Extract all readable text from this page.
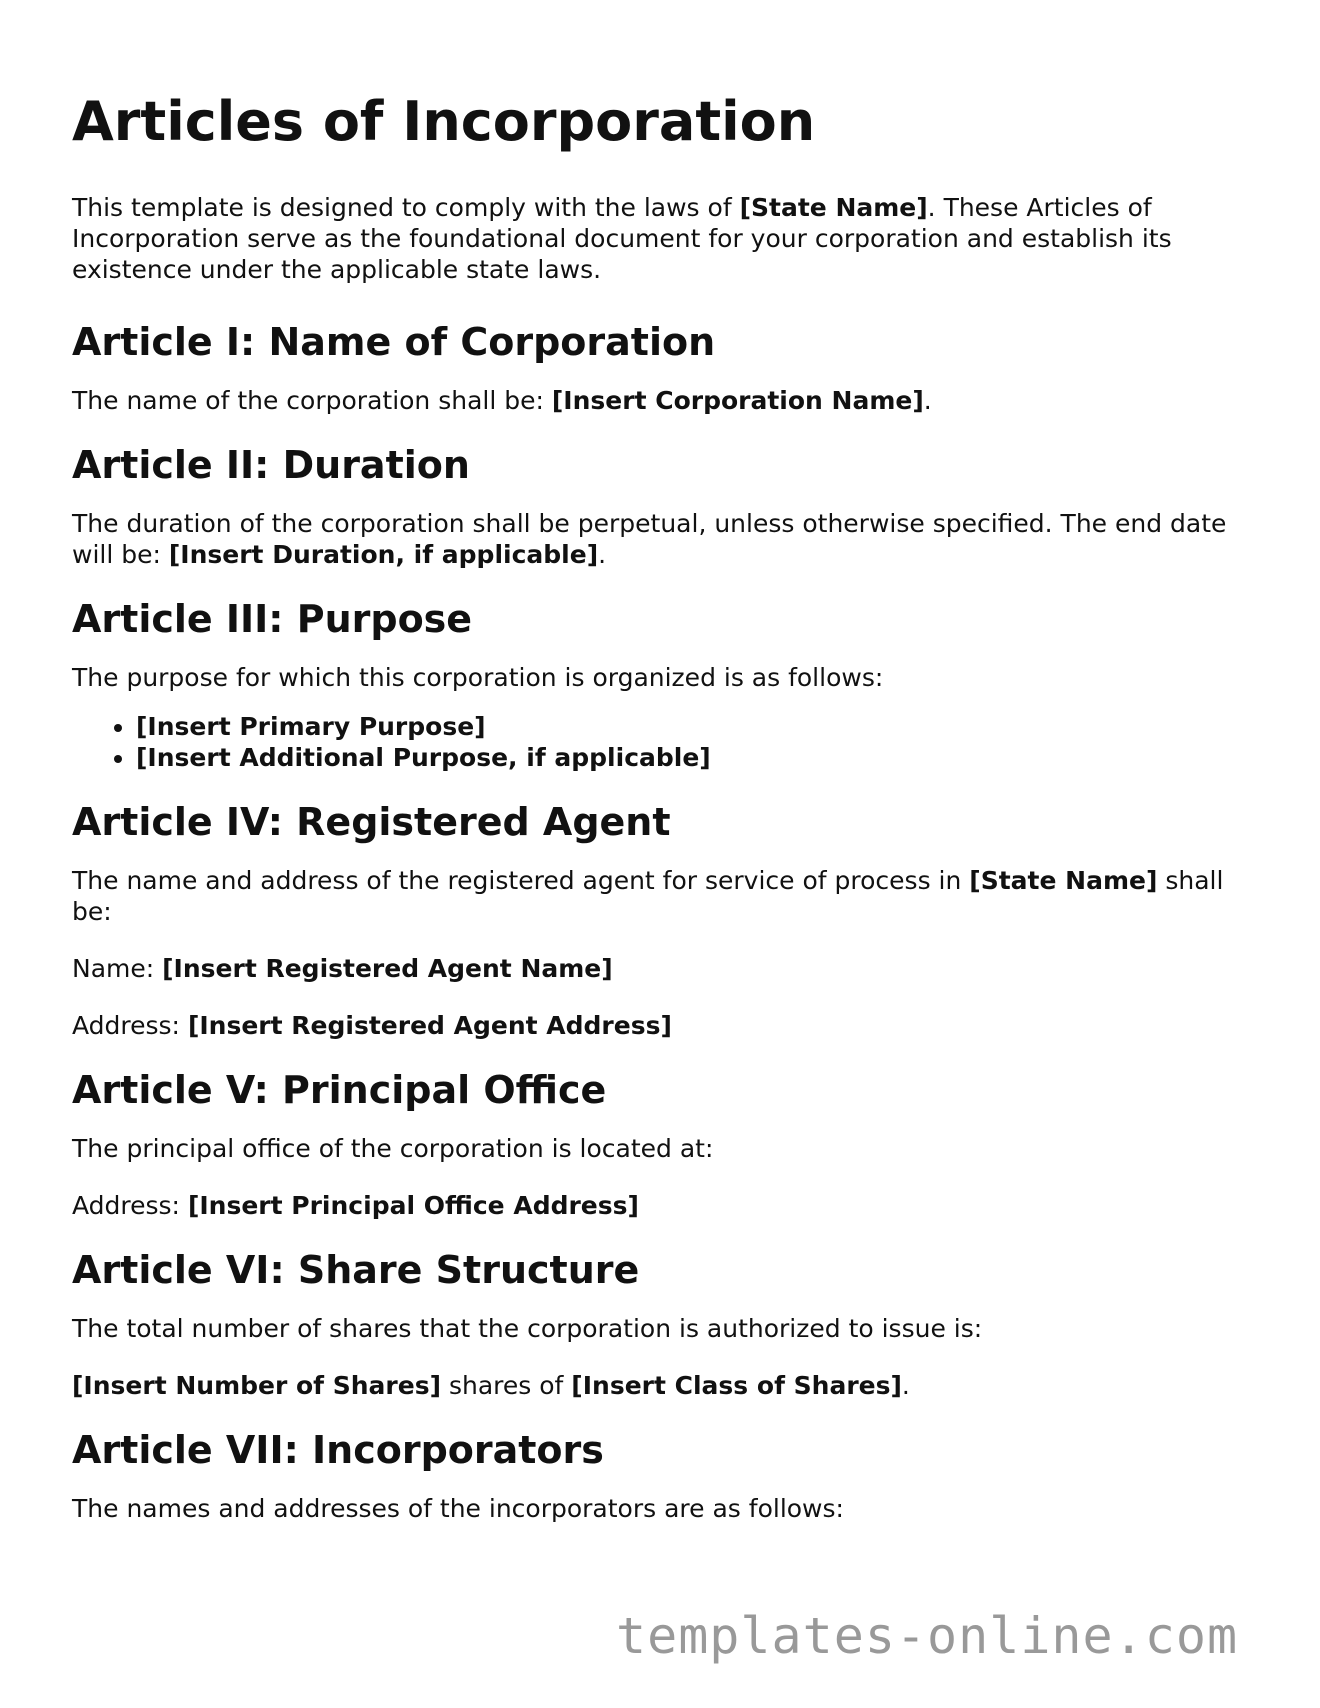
Articles of Incorporation

This template is designed to comply with the laws of [State Name]. These Articles of Incorporation serve as the foundational document for your corporation and establish its existence under the applicable state laws.

Article I: Name of Corporation

The name of the corporation shall be: [Insert Corporation Name].

Article II: Duration

The duration of the corporation shall be perpetual, unless otherwise specified. The end date will be: [Insert Duration, if applicable].

Article III: Purpose

The purpose for which this corporation is organized is as follows:

• [Insert Primary Purpose]
• [Insert Additional Purpose, if applicable]
Article IV: Registered Agent

The name and address of the registered agent for service of process in [State Name] shall be:

Name: [Insert Registered Agent Name]

Address: [Insert Registered Agent Address]

Article V: Principal Office

The principal office of the corporation is located at:

Address: [Insert Principal Office Address]

Article VI: Share Structure

The total number of shares that the corporation is authorized to issue is:

[Insert Number of Shares] shares of [Insert Class of Shares].

Article VII: Incorporators

The names and addresses of the incorporators are as follows:

templates-online.com
